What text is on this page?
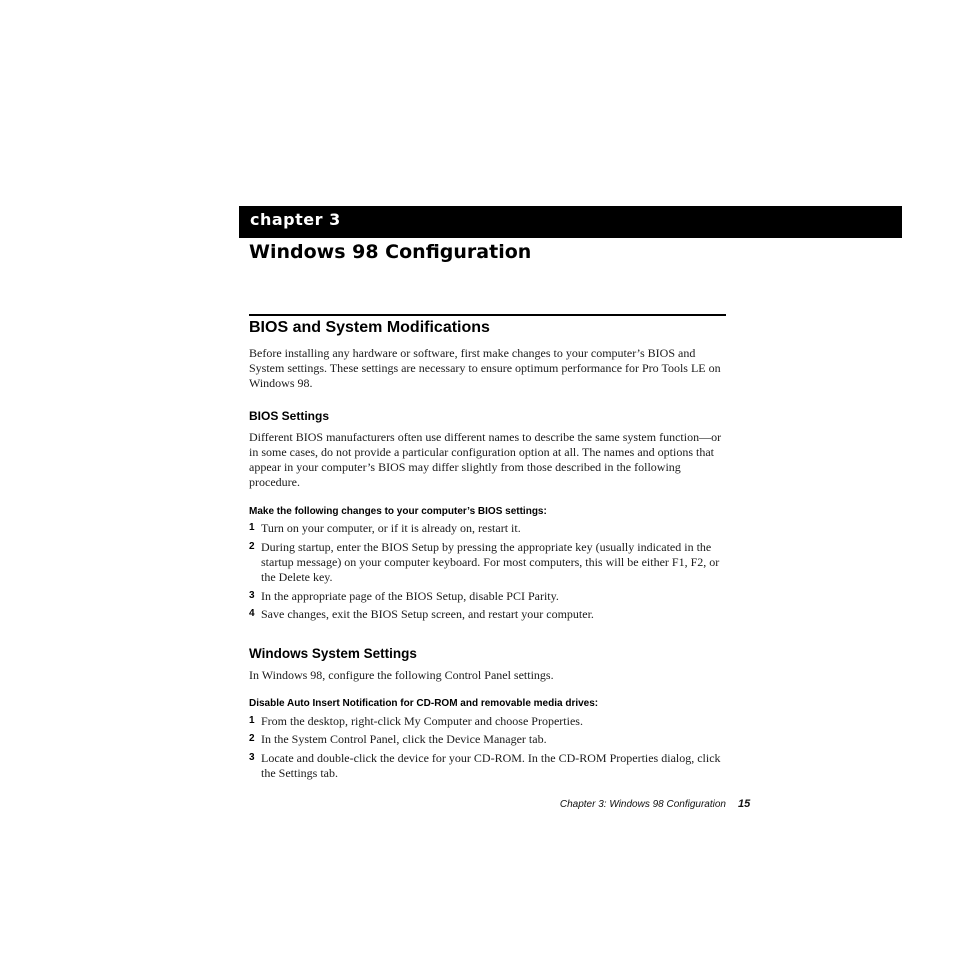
chapter 3
Windows 98 Configuration
BIOS and System Modifications

Before installing any hardware or software, first make changes to your computer’s BIOS and System settings. These settings are necessary to ensure optimum performance for Pro Tools LE on Windows 98.

BIOS Settings

Different BIOS manufacturers often use different names to describe the same system function—or in some cases, do not provide a particular configuration option at all. The names and options that appear in your computer’s BIOS may differ slightly from those described in the following procedure.

Make the following changes to your computer’s BIOS settings:
1 Turn on your computer, or if it is already on, restart it.

2 During startup, enter the BIOS Setup by pressing the appropriate key (usually indicated in the startup message) on your computer keyboard. For most computers, this will be either F1, F2, or the Delete key.

3 In the appropriate page of the BIOS Setup, disable PCI Parity.

4 Save changes, exit the BIOS Setup screen, and restart your computer.

Windows System Settings

In Windows 98, configure the following Control Panel settings.

Disable Auto Insert Notification for CD-ROM and removable media drives:
1 From the desktop, right-click My Computer and choose Properties.

2 In the System Control Panel, click the Device Manager tab.

3 Locate and double-click the device for your CD-ROM. In the CD-ROM Properties dialog, click the Settings tab.

Chapter 3: Windows 98 Configuration 15
